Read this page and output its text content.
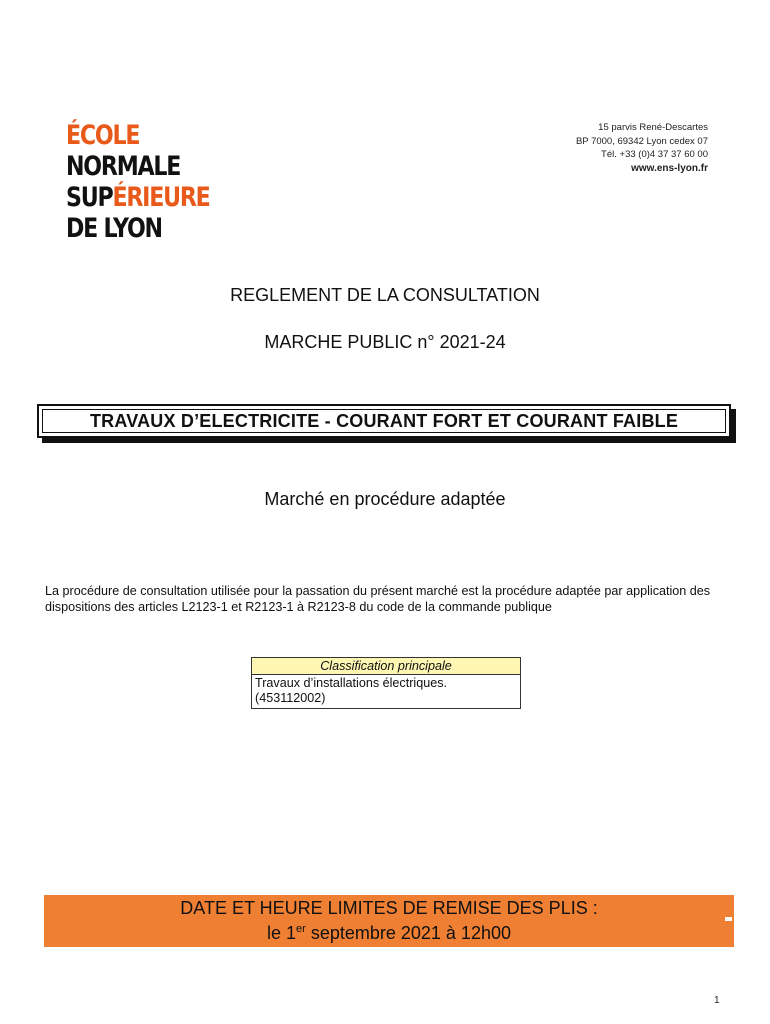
ÉCOLE
NORMALE
SUPÉRIEURE
DE LYON
15 parvis René-Descartes
BP 7000, 69342 Lyon cedex 07
Tél. +33 (0)4 37 37 60 00
www.ens-lyon.fr
REGLEMENT DE LA CONSULTATION
MARCHE PUBLIC n° 2021-24
TRAVAUX D’ELECTRICITE - COURANT FORT ET COURANT FAIBLE
Marché en procédure adaptée
La procédure de consultation utilisée pour la passation du présent marché est la procédure adaptée par application des dispositions des articles L2123-1 et R2123-1 à R2123-8 du code de la commande publique
Classification principale
Travaux d’installations électriques.
(453112002)
DATE ET HEURE LIMITES DE REMISE DES PLIS :
le 1er septembre 2021 à 12h00
1
